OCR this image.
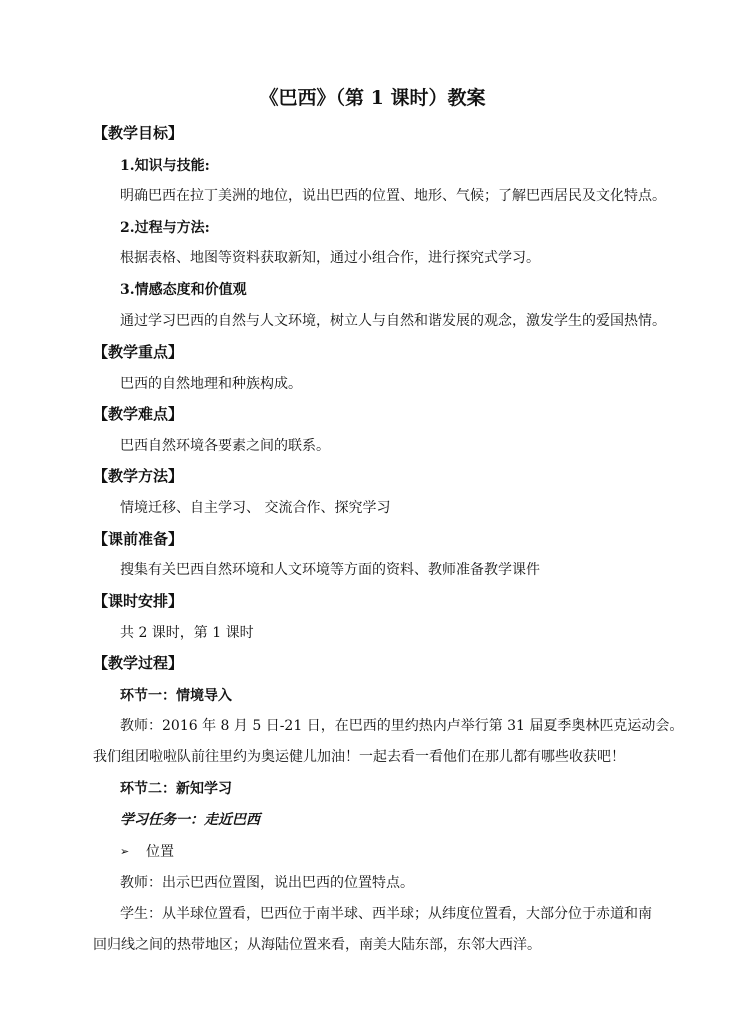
《巴西》（第 1 课时）教案
【教学目标】
1.知识与技能:
明确巴西在拉丁美洲的地位，说出巴西的位置、地形、气候；了解巴西居民及文化特点。
2.过程与方法:
根据表格、地图等资料获取新知，通过小组合作，进行探究式学习。
3.情感态度和价值观
通过学习巴西的自然与人文环境，树立人与自然和谐发展的观念，激发学生的爱国热情。
【教学重点】
巴西的自然地理和种族构成。
【教学难点】
巴西自然环境各要素之间的联系。
【教学方法】
情境迁移、自主学习、 交流合作、探究学习
【课前准备】
搜集有关巴西自然环境和人文环境等方面的资料、教师准备教学课件
【课时安排】
共 2 课时，第 1 课时
【教学过程】
环节一：情境导入
教师：2016 年 8 月 5 日-21 日，在巴西的里约热内卢举行第 31 届夏季奥林匹克运动会。
我们组团啦啦队前往里约为奥运健儿加油！一起去看一看他们在那儿都有哪些收获吧！
环节二：新知学习
学习任务一：走近巴西
➢ 位置
教师：出示巴西位置图，说出巴西的位置特点。
学生：从半球位置看，巴西位于南半球、西半球；从纬度位置看，大部分位于赤道和南
回归线之间的热带地区；从海陆位置来看，南美大陆东部，东邻大西洋。
